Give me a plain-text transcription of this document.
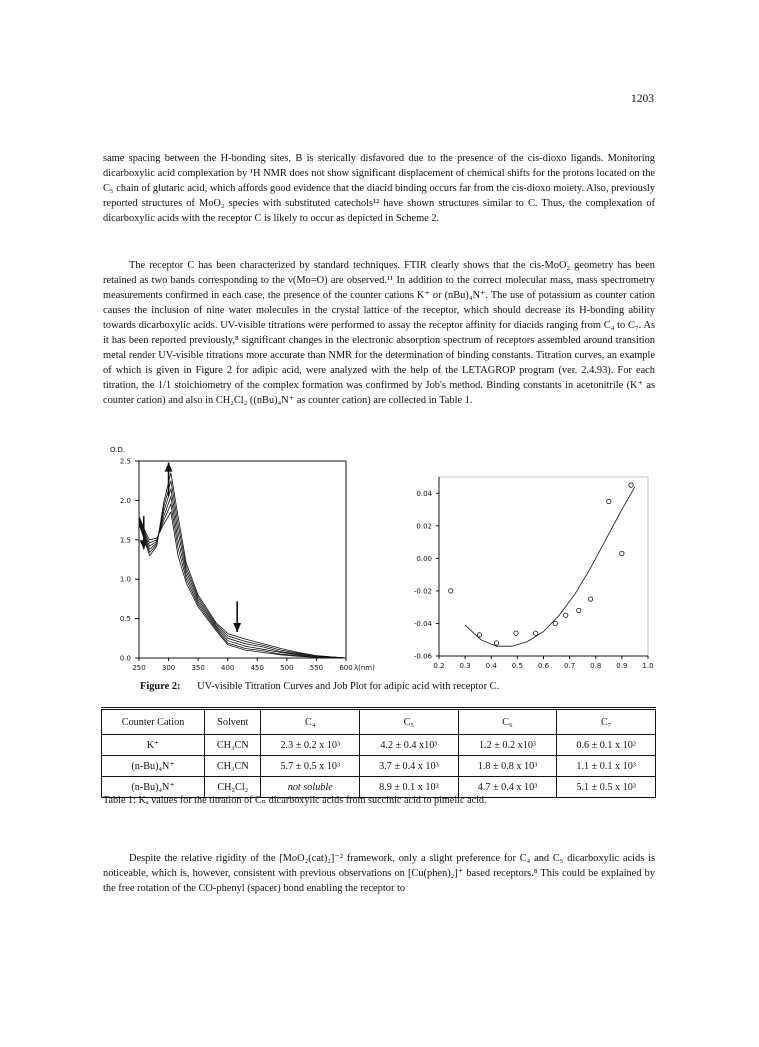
1203

same spacing between the H-bonding sites, B is sterically disfavored due to the presence of the cis-dioxo ligands. Monitoring dicarboxylic acid complexation by ¹H NMR does not show significant displacement of chemical shifts for the protons located on the C₅ chain of glutaric acid, which affords good evidence that the diacid binding occurs far from the cis-dioxo moiety. Also, previously reported structures of MoO₂ species with substituted catechols¹² have shown structures similar to C. Thus, the complexation of dicarboxylic acids with the receptor C is likely to occur as depicted in Scheme 2.

The receptor C has been characterized by standard techniques. FTIR clearly shows that the cis-MoO₂ geometry has been retained as two bands corresponding to the ν(Mo=O) are observed.¹¹ In addition to the correct molecular mass, mass spectrometry measurements confirmed in each case, the presence of the counter cations K⁺ or (nBu)₄N⁺. The use of potassium as counter cation causes the inclusion of nine water molecules in the crystal lattice of the receptor, which should decrease its H-bonding ability towards dicarboxylic acids. UV-visible titrations were performed to assay the receptor affinity for diacids ranging from C₄ to C₇. As it has been reported previously,⁸ significant changes in the electronic absorption spectrum of receptors assembled around transition metal render UV-visible titrations more accurate than NMR for the determination of binding constants. Titration curves, an example of which is given in Figure 2 for adipic acid, were analyzed with the help of the LETAGROP program (ver. 2.4.93). For each titration, the 1/1 stoichiometry of the complex formation was confirmed by Job's method. Binding constants in acetonitrile (K⁺ as counter cation) and also in CH₂Cl₂ ((nBu)₄N⁺ as counter cation) are collected in Table 1.

O.D.
0.0
0.5
1.0
1.5
2.0
2.5
250 300 350 400 450 500 550 600 λ(nm)
-0.06
-0.04
-0.02
0.00
0.02
0.04
0.2 0.3 0.4 0.5 0.6 0.7 0.8 0.9 1.0
Figure 2: UV-visible Titration Curves and Job Plot for adipic acid with receptor C.
Counter Cation	Solvent	C₄	C₅	C₆	C₇
K⁺	CH₃CN	2.3 ± 0.2 x 10³	4.2 ± 0.4 x10³	1.2 ± 0.2 x10³	0.6 ± 0.1 x 10²
(n-Bu)₄N⁺	CH₃CN	5.7 ± 0.5 x 10³	3.7 ± 0.4 x 10³	1.8 ± 0.8 x 10³	1.1 ± 0.1 x 10³
(n-Bu)₄N⁺	CH₂Cl₂	not soluble	8.9 ± 0.1 x 10³	4.7 ± 0.4 x 10³	5.1 ± 0.5 x 10³
Table 1: Kₐ values for the titration of Cₙ dicarboxylic acids from succinic acid to pimelic acid.

Despite the relative rigidity of the [MoO₂(cat)₂]⁻² framework, only a slight preference for C₄ and C₅ dicarboxylic acids is noticeable, which is, however, consistent with previous observations on [Cu(phen)₂]⁺ based receptors.⁸ This could be explained by the free rotation of the CO-phenyl (spacer) bond enabling the receptor to
